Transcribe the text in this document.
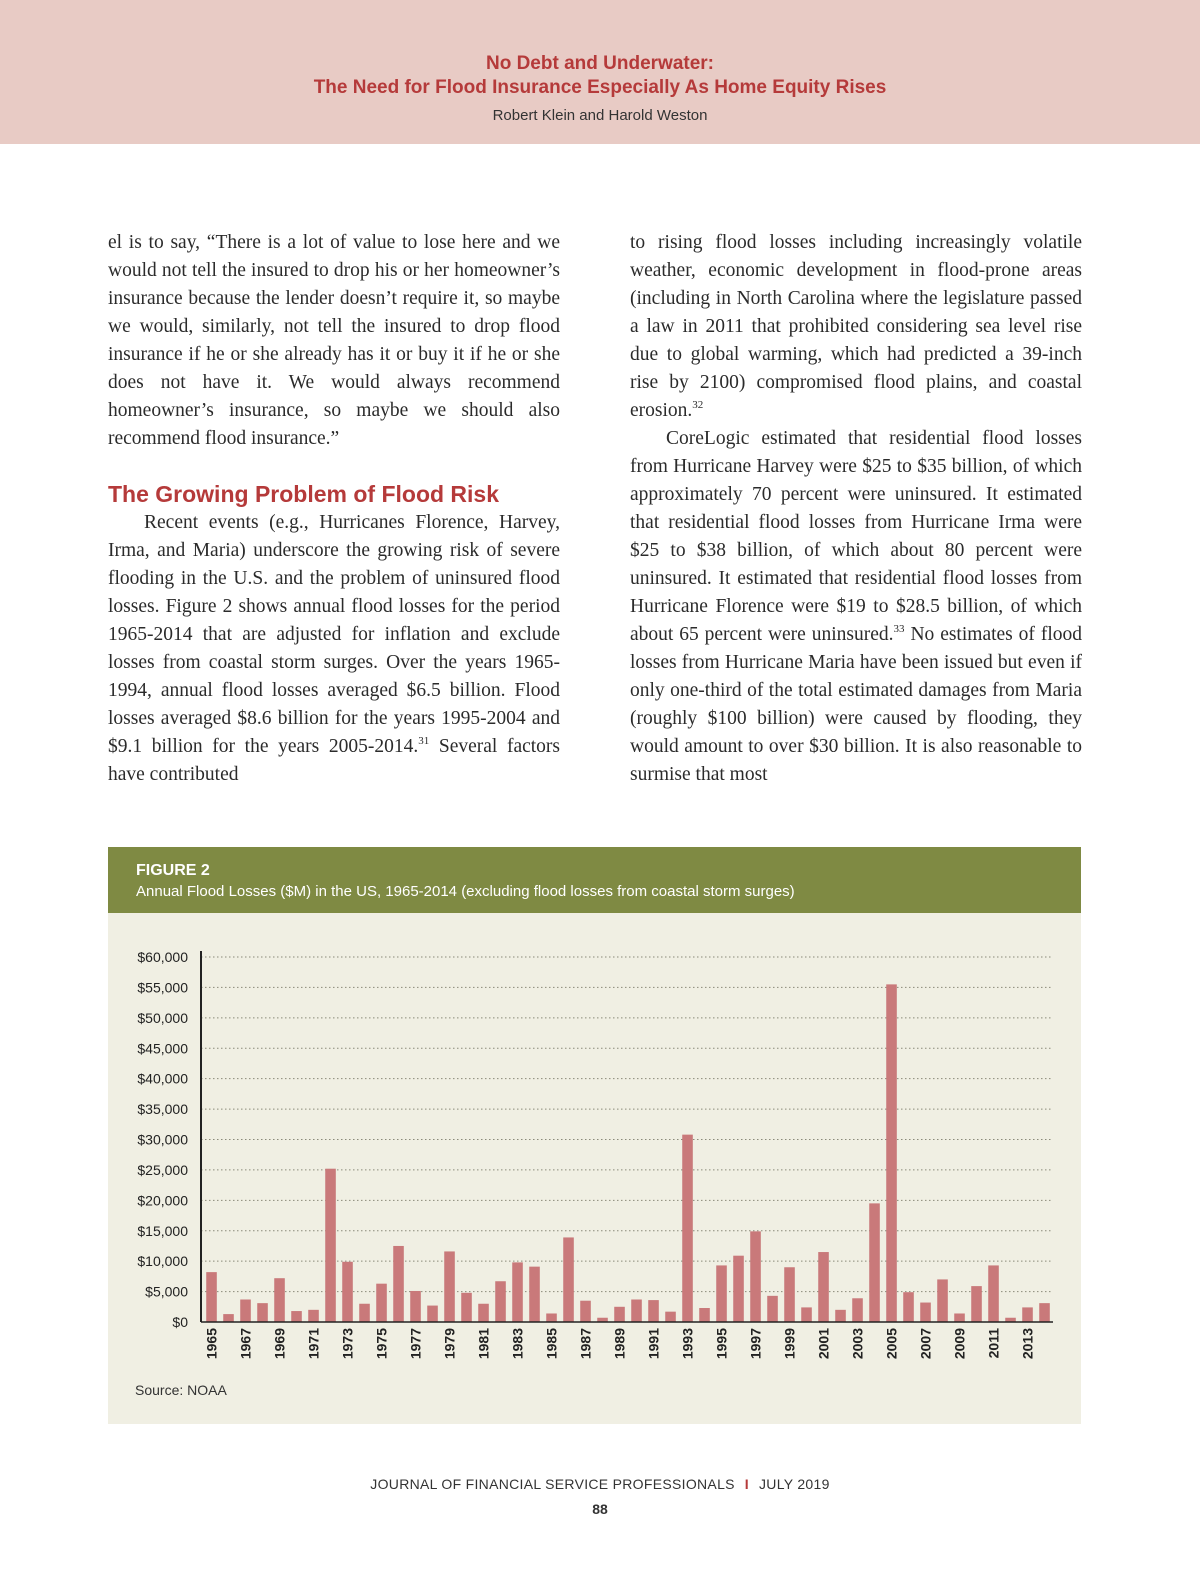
No Debt and Underwater:
The Need for Flood Insurance Especially As Home Equity Rises
Robert Klein and Harold Weston

el is to say, “There is a lot of value to lose here and we would not tell the insured to drop his or her homeowner’s insurance because the lender doesn’t require it, so maybe we would, similarly, not tell the insured to drop flood insurance if he or she already has it or buy it if he or she does not have it. We would always recommend homeowner’s insurance, so maybe we should also recommend flood insurance.”

The Growing Problem of Flood Risk

Recent events (e.g., Hurricanes Florence, Harvey, Irma, and Maria) underscore the growing risk of severe flooding in the U.S. and the problem of uninsured flood losses. Figure 2 shows annual flood losses for the period 1965-2014 that are adjusted for inflation and exclude losses from coastal storm surges. Over the years 1965-1994, annual flood losses averaged $6.5 billion. Flood losses averaged $8.6 billion for the years 1995-2004 and $9.1 billion for the years 2005-2014.31 Several factors have contributed

to rising flood losses including increasingly volatile weather, economic development in flood-prone areas (including in North Carolina where the legislature passed a law in 2011 that prohibited considering sea level rise due to global warming, which had predicted a 39-inch rise by 2100) compromised flood plains, and coastal erosion.$^{32}$

CoreLogic estimated that residential flood losses from Hurricane Harvey were $25 to $35 billion, of which approximately 70 percent were uninsured. It estimated that residential flood losses from Hurricane Irma were $25 to $38 billion, of which about 80 percent were uninsured. It estimated that residential flood losses from Hurricane Florence were $19 to $28.5 billion, of which about 65 percent were uninsured.$^{33}$ No estimates of flood losses from Hurricane Maria have been issued but even if only one-third of the total estimated damages from Maria (roughly $100 billion) were caused by flooding, they would amount to over $30 billion. It is also reasonable to surmise that most

FIGURE 2
Annual Flood Losses ($M) in the US, 1965-2014 (excluding flood losses from coastal storm surges)
$0
$5,000
$10,000
$15,000
$20,000
$25,000
$30,000
$35,000
$40,000
$45,000
$50,000
$55,000
$60,000
1965 1967 1969 1971 1973 1975 1977 1979 1981 1983 1985 1987 1989 1991 1993 1995 1997 1999 2001 2003 2005 2007 2009 2011 2013
Source: NOAA
JOURNAL OF FINANCIAL SERVICE PROFESSIONALS I JULY 2019
88
